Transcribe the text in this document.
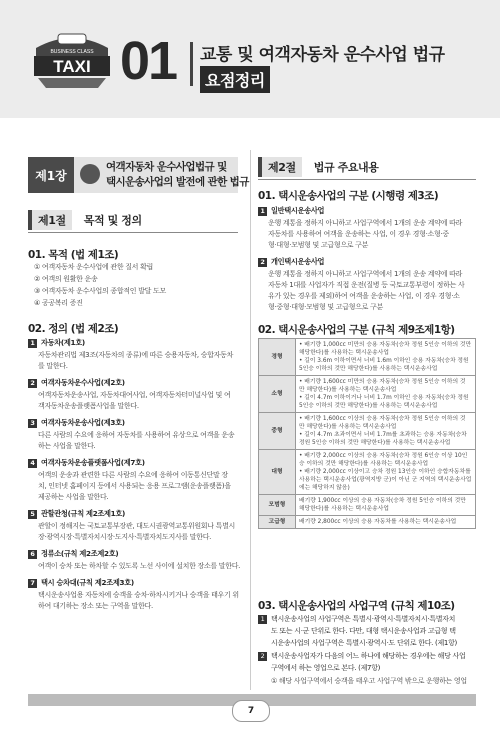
TAXI
BUSINESS CLASS 01 교통 및 여객자동차 운수사업 법규
요점정리
제1장
여객자동차 운수사업법규 및
택시운송사업의 발전에 관한 법규
제1절	목적 및 정의
01. 목적 (법 제1조)
① 여객자동차 운수사업에 관한 질서 확립
② 여객의 원활한 운송
③ 여객자동차 운수사업의 종합적인 발달 도모
④ 공공복리 증진
02. 정의 (법 제2조)
1 자동차(제1호)
자동차관리법 제3조(자동차의 종류)에 따른 승용자동차, 승합자동차
를 말한다.
2 여객자동차운수사업(제2호)
여객자동차운송사업, 자동차대여사업, 여객자동차터미널사업 및 여
객자동차운송플랫폼사업을 말한다.
3 여객자동차운송사업(제3호)
다른 사람의 수요에 응하여 자동차를 사용하여 유상으로 여객을 운송
하는 사업을 말한다.
4 여객자동차운송플랫폼사업(제7호)
여객의 운송과 관련한 다른 사람의 수요에 응하여 이동통신단말 장
치, 인터넷 홈페이지 등에서 사용되는 응용 프로그램(운송플랫폼)을
제공하는 사업을 말한다.
5 관할관청(규칙 제2조제1호)
관할이 정해지는 국토교통부장관, 대도시권광역교통위원회나 특별시
장·광역시장·특별자치시장·도지사·특별자치도지사를 말한다.
6 정류소(규칙 제2조제2호)
여객이 승차 또는 하차할 수 있도록 노선 사이에 설치한 장소를 말한다.
7 택시 승차대(규칙 제2조제3호)
택시운송사업용 자동차에 승객을 승차·하차시키거나 승객을 태우기 위
하여 대기하는 장소 또는 구역을 말한다.
제2절	법규 주요내용
01. 택시운송사업의 구분 (시행령 제3조)
1 일반택시운송사업
운행 계통을 정하지 아니하고 사업구역에서 1개의 운송 계약에 따라
자동차를 사용하여 여객을 운송하는 사업, 이 경우 경형·소형·중
형·대형·모범형 및 고급형으로 구분
2 개인택시운송사업
운행 계통을 정하지 아니하고 사업구역에서 1개의 운송 계약에 따라
자동차 1대를 사업자가 직접 운전(질병 등 국토교통부령이 정하는 사
유가 있는 경우를 제외)하여 여객을 운송하는 사업, 이 경우 경형·소
형·중형·대형·모범형 및 고급형으로 구분
02. 택시운송사업의 구분 (규칙 제9조제1항)
경형	• 배기량 1,000cc 미만의 승용 자동차(승차 정원 5인승 이하의 것만
해당한다)를 사용하는 택시운송사업
• 길이 3.6m 이하이면서 너비 1.6m 이하인 승용 자동차(승차 정원
5인승 이하의 것만 해당한다)를 사용하는 택시운송사업

소형	• 배기량 1,600cc 미만의 승용 자동차(승차 정원 5인승 이하의 것
만 해당한다)를 사용하는 택시운송사업
• 길이 4.7m 이하이거나 너비 1.7m 이하인 승용 자동차(승차 정원
5인승 이하의 것만 해당한다)를 사용하는 택시운송사업

중형	• 배기량 1,600cc 이상의 승용 자동차(승차 정원 5인승 이하의 것
만 해당한다)를 사용하는 택시운송사업
• 길이 4.7m 초과이면서 너비 1.7m를 초과하는 승용 자동차(승차
정원 5인승 이하의 것만 해당한다)를 사용하는 택시운송사업

대형	• 배기량 2,000cc 이상의 승용 자동차(승차 정원 6인승 이상 10인
승 이하의 것만 해당한다)를 사용하는 택시운송사업
• 배기량 2,000cc 이상이고 승차 정원 13인승 이하인 승합자동차를
사용하는 택시운송사업(광역지방 군)이 아닌 군 지역의 택시운송사업
에는 해당하지 않음)

모범형	배기량 1,900cc 이상의 승용 자동차(승차 정원 5인승 이하의 것만
해당한다)를 사용하는 택시운송사업

고급형	배기량 2,800cc 이상의 승용 자동차를 사용하는 택시운송사업
03. 택시운송사업의 사업구역 (규칙 제10조)
1 택시운송사업의 사업구역은 특별시·광역시·특별자치시·특별자치
도 또는 시·군 단위로 한다. 다만, 대형 택시운송사업과 고급형 택
시운송사업의 사업구역은 특별시·광역시·도 단위로 한다. (제1항)
2 택시운송사업자가 다음의 어느 하나에 해당하는 경우에는 해당 사업
구역에서 하는 영업으로 본다. (제7항)
① 해당 사업구역에서 승객을 태우고 사업구역 밖으로 운행하는 영업
7
